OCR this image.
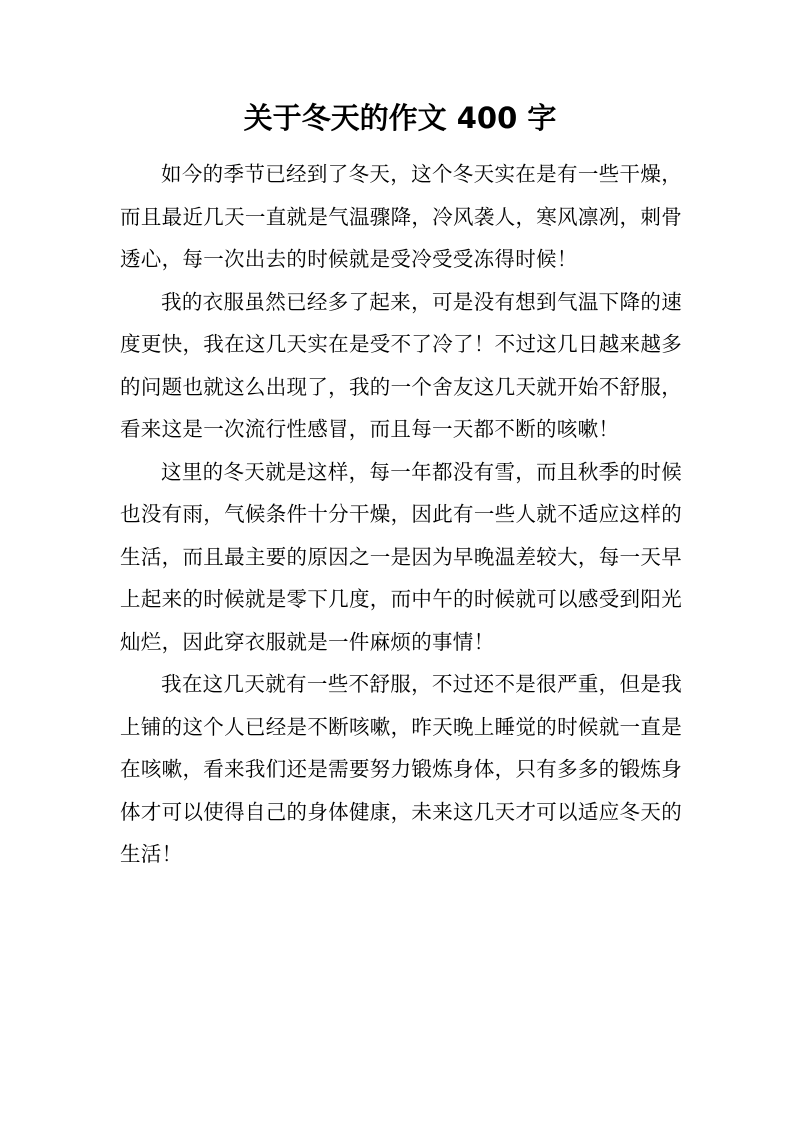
关于冬天的作文 400 字

如今的季节已经到了冬天，这个冬天实在是有一些干燥，而且最近几天一直就是气温骤降，冷风袭人，寒风凛冽，刺骨透心，每一次出去的时候就是受冷受受冻得时候！

我的衣服虽然已经多了起来，可是没有想到气温下降的速度更快，我在这几天实在是受不了冷了！不过这几日越来越多的问题也就这么出现了，我的一个舍友这几天就开始不舒服，看来这是一次流行性感冒，而且每一天都不断的咳嗽！

这里的冬天就是这样，每一年都没有雪，而且秋季的时候也没有雨，气候条件十分干燥，因此有一些人就不适应这样的生活，而且最主要的原因之一是因为早晚温差较大，每一天早上起来的时候就是零下几度，而中午的时候就可以感受到阳光灿烂，因此穿衣服就是一件麻烦的事情！

我在这几天就有一些不舒服，不过还不是很严重，但是我上铺的这个人已经是不断咳嗽，昨天晚上睡觉的时候就一直是在咳嗽，看来我们还是需要努力锻炼身体，只有多多的锻炼身体才可以使得自己的身体健康，未来这几天才可以适应冬天的生活！
